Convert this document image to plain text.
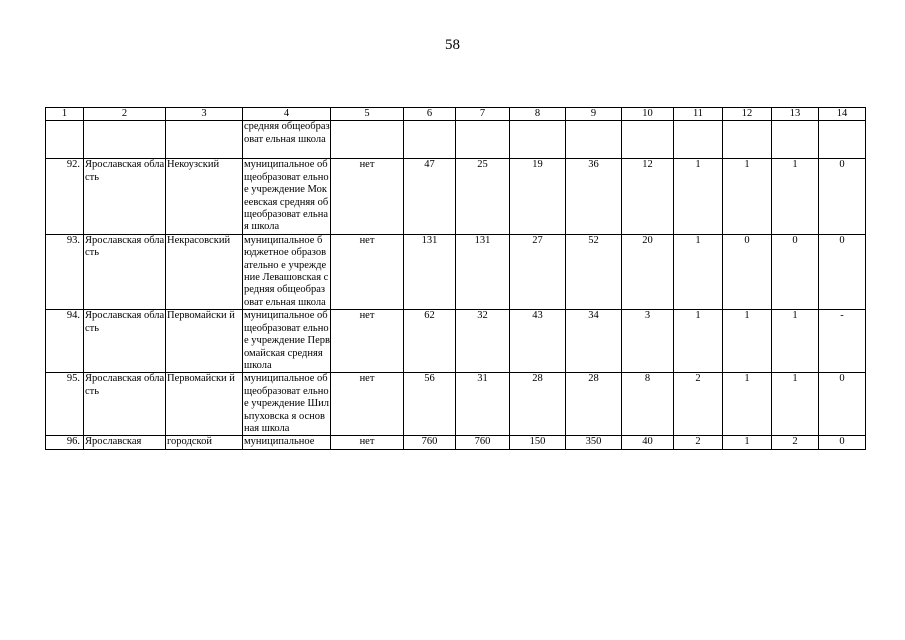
58
1	2	3	4	5	6	7	8	9	10	11	12	13	14
			средняя общеобразоват ельная школа										
92.	Ярославская область	Некоузский	муниципальное общеобразоват ельное учреждение Мокеевская средняя общеобразоват ельная школа	нет	47	25	19	36	12	1	1	1	0
93.	Ярославская область	Некрасовский	муниципальное бюджетное образовательно е учреждение Левашовская средняя общеобразоват ельная школа	нет	131	131	27	52	20	1	0	0	0
94.	Ярославская область	Первомайски й	муниципальное общеобразоват ельное учреждение Первомайская средняя школа	нет	62	32	43	34	3	1	1	1	-
95.	Ярославская область	Первомайски й	муниципальное общеобразоват ельное учреждение Шильпуховска я основная школа	нет	56	31	28	28	8	2	1	1	0
96.	Ярославская	городской	муниципальное	нет	760	760	150	350	40	2	1	2	0
